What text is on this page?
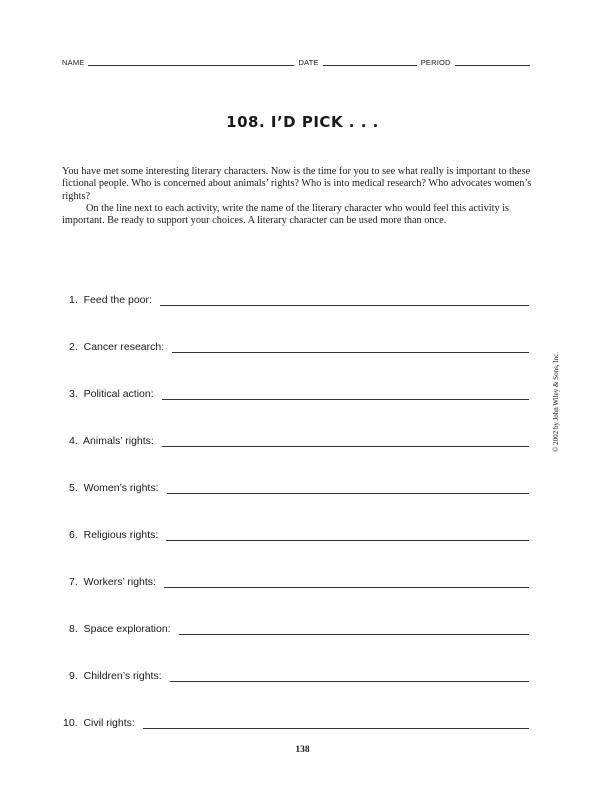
NAME	DATE	PERIOD
108. I’D PICK . . .

You have met some interesting literary characters. Now is the time for you to see what really is important to these fictional people. Who is concerned about animals’ rights? Who is into medical research? Who advocates women’s rights?

On the line next to each activity, write the name of the literary character who would feel this activity is important. Be ready to support your choices. A literary character can be used more than once.

1. Feed the poor:
2. Cancer research:
3. Political action:
4. Animals’ rights:
5. Women’s rights:
6. Religious rights:
7. Workers’ rights:
8. Space exploration:
9. Children’s rights:
10. Civil rights:
© 2002 by John Wiley & Sons, Inc.
138
